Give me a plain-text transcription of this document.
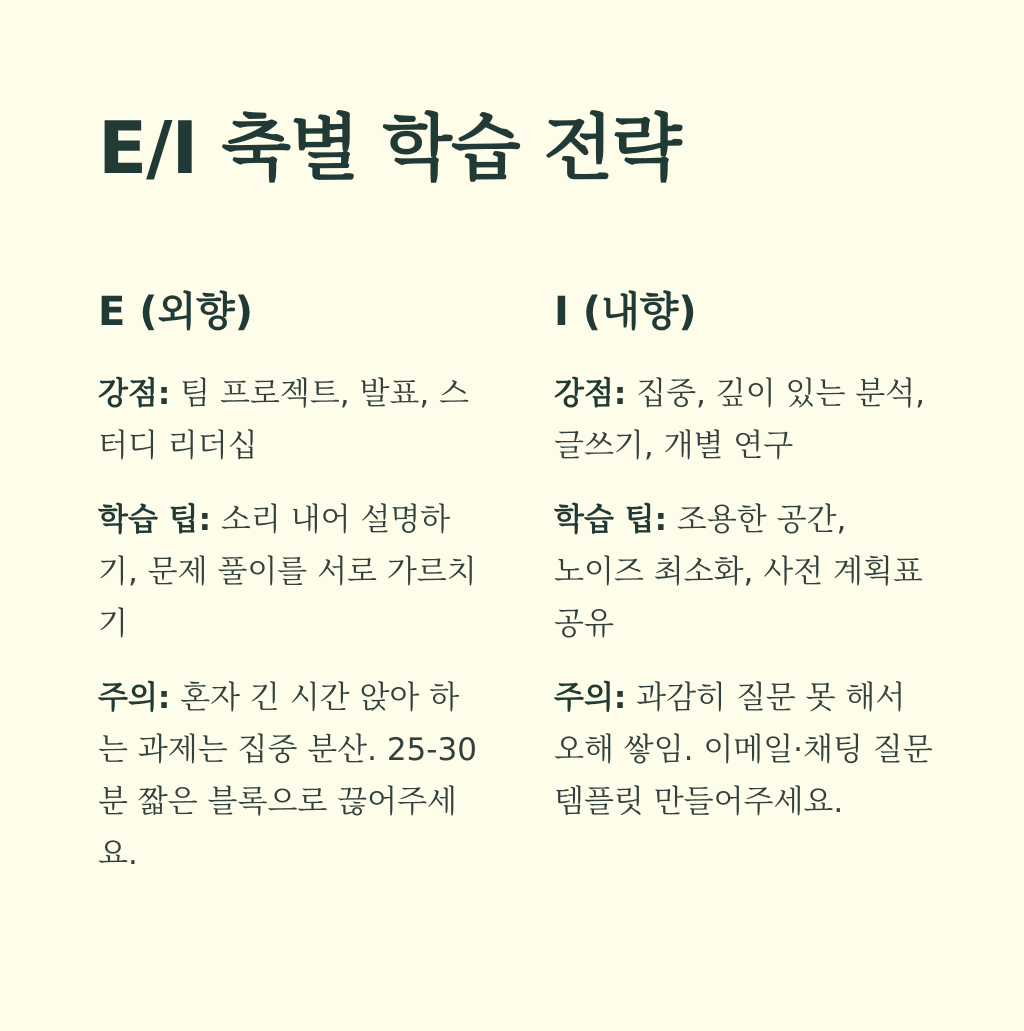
E/I 축별 학습 전략
E (외향)

강점: 팀 프로젝트, 발표, 스터디 리더십

학습 팁: 소리 내어 설명하기, 문제 풀이를 서로 가르치기

주의: 혼자 긴 시간 앉아 하는 과제는 집중 분산. 25-30분 짧은 블록으로 끊어주세요.

I (내향)

강점: 집중, 깊이 있는 분석, 글쓰기, 개별 연구

학습 팁: 조용한 공간, 노이즈 최소화, 사전 계획표 공유

주의: 과감히 질문 못 해서 오해 쌓임. 이메일·채팅 질문 템플릿 만들어주세요.
